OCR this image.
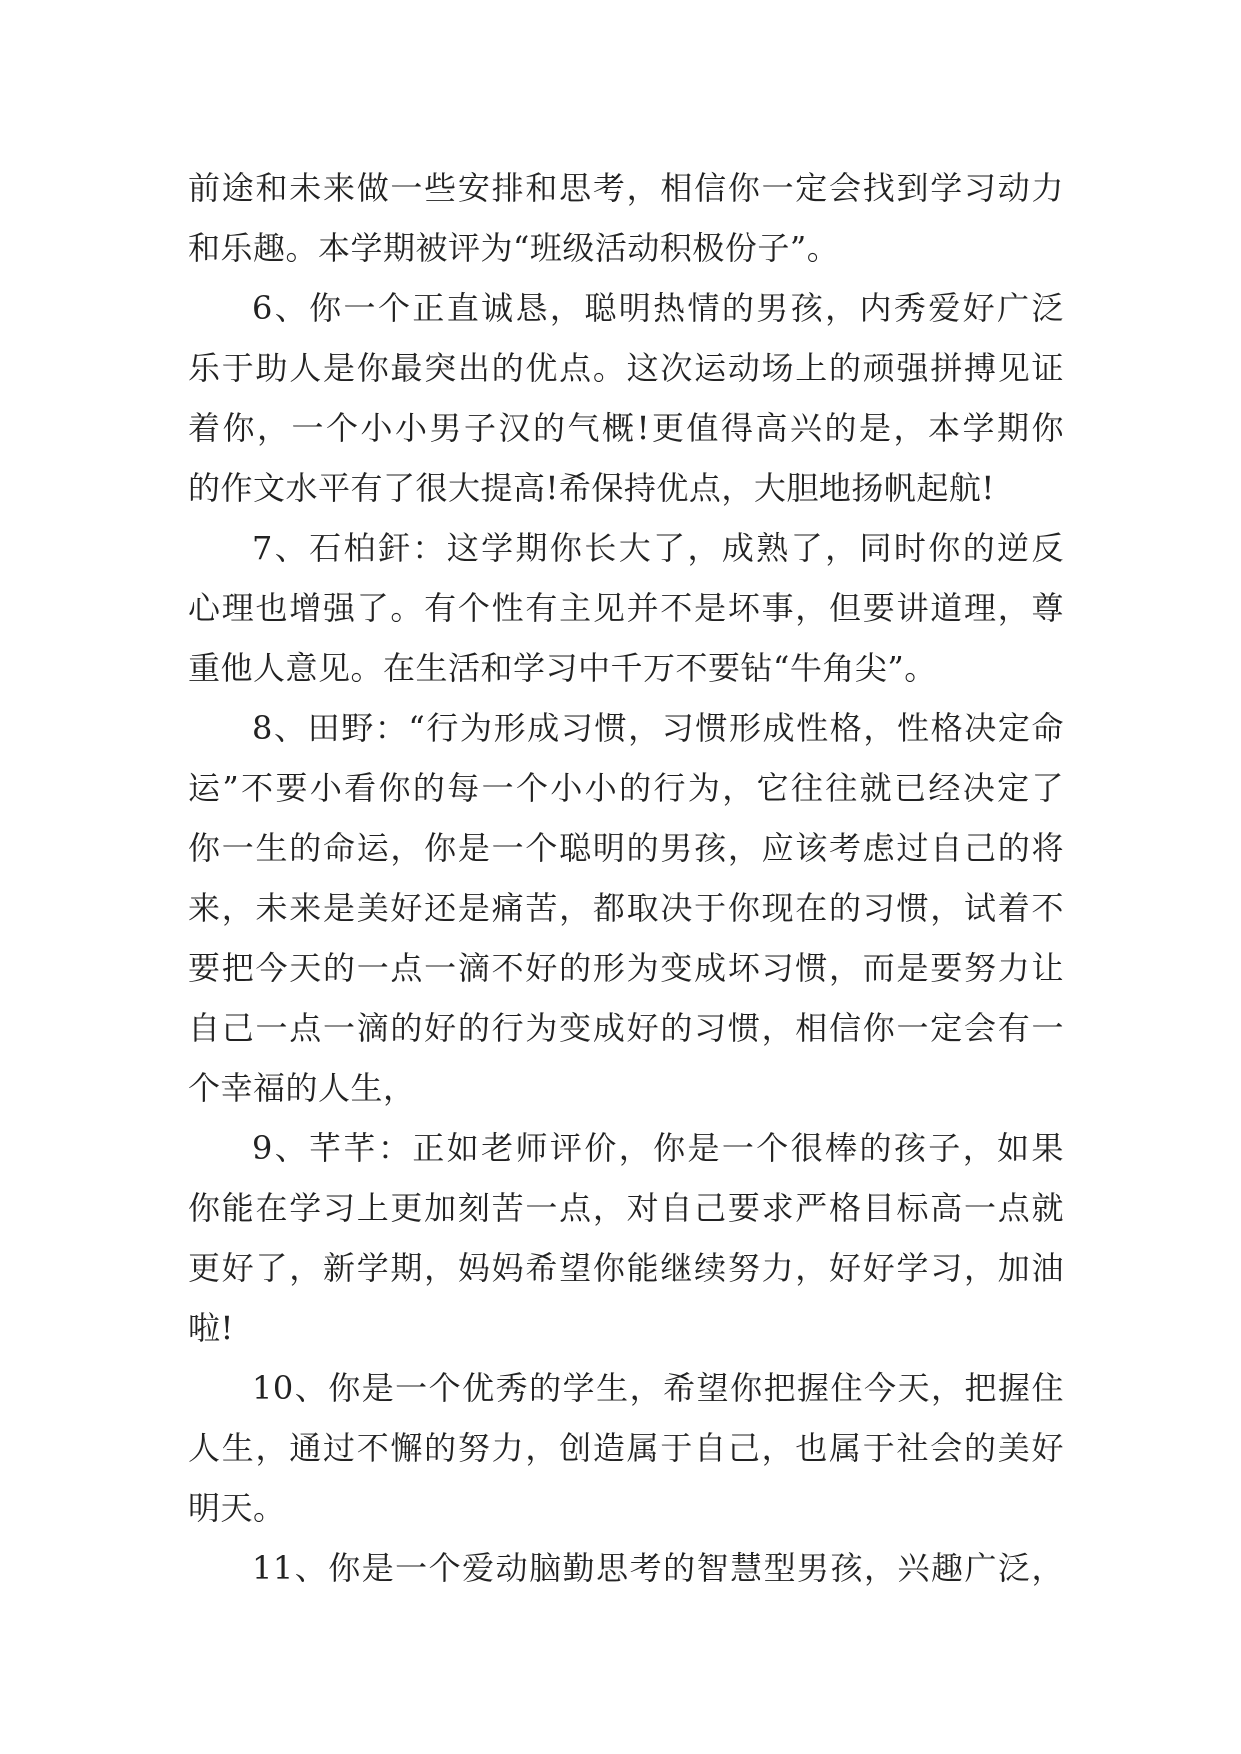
前途和未来做一些安排和思考，相信你一定会找到学习动力
和乐趣。本学期被评为“班级活动积极份子”。
6、你一个正直诚恳，聪明热情的男孩，内秀爱好广泛
乐于助人是你最突出的优点。这次运动场上的顽强拼搏见证
着你，一个小小男子汉的气概!更值得高兴的是，本学期你
的作文水平有了很大提高!希保持优点，大胆地扬帆起航!
7、石柏釬：这学期你长大了，成熟了，同时你的逆反
心理也增强了。有个性有主见并不是坏事，但要讲道理，尊
重他人意见。在生活和学习中千万不要钻“牛角尖”。
8、田野：“行为形成习惯，习惯形成性格，性格决定命
运”不要小看你的每一个小小的行为，它往往就已经决定了
你一生的命运，你是一个聪明的男孩，应该考虑过自己的将
来，未来是美好还是痛苦，都取决于你现在的习惯，试着不
要把今天的一点一滴不好的形为变成坏习惯，而是要努力让
自己一点一滴的好的行为变成好的习惯，相信你一定会有一
个幸福的人生，
9、芊芊：正如老师评价，你是一个很棒的孩子，如果
你能在学习上更加刻苦一点，对自己要求严格目标高一点就
更好了，新学期，妈妈希望你能继续努力，好好学习，加油
啦!
10、你是一个优秀的学生，希望你把握住今天，把握住
人生，通过不懈的努力，创造属于自己，也属于社会的美好
明天。
11、你是一个爱动脑勤思考的智慧型男孩，兴趣广泛，
